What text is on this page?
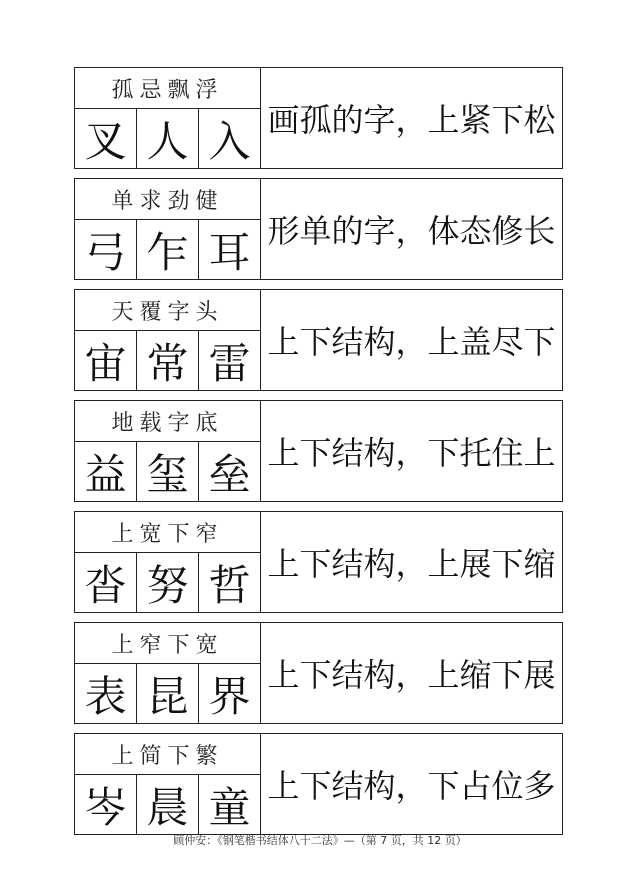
孤忌飘浮
叉 人 入 画孤的字，上紧下松
单求劲健
弓 乍 耳 形单的字，体态修长
天覆字头
宙 常 雷 上下结构，上盖尽下
地载字底
益 玺 垒 上下结构，下托住上
上宽下窄
沓 努 哲 上下结构，上展下缩
上窄下宽
表 昆 界 上下结构，上缩下展
上简下繁
岑 晨 童 上下结构，下占位多
顾仲安：《钢笔楷书结体八十二法》—（第 7 页，共 12 页）
